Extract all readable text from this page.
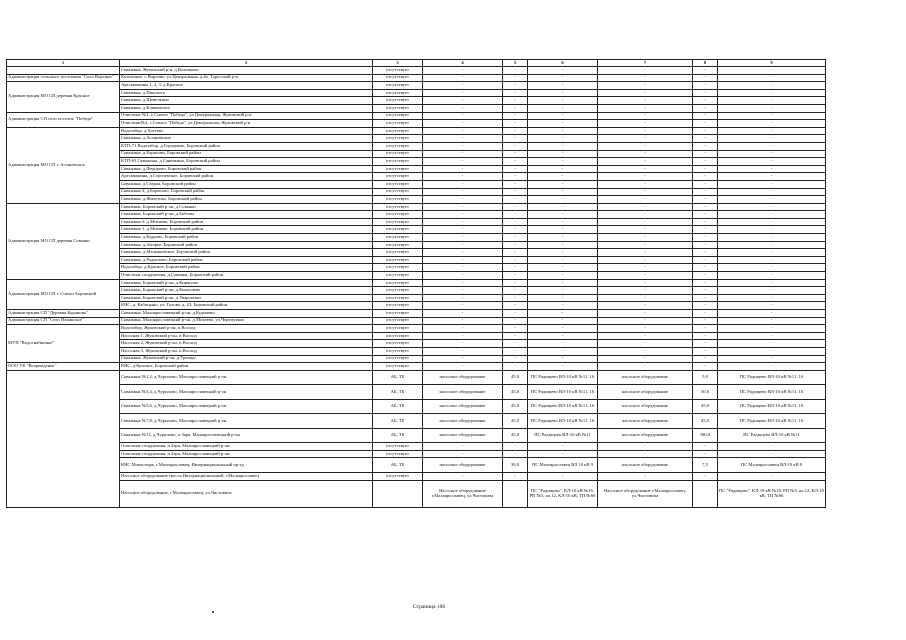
1	2	3	4	5	6	7	8	9
	Скважина, Жуковский р-н, д.Величково	отсутствует	-	-	-	-	-	-
Администрация сельского поселения "Село Ворсино"	Котельные, с.Ворсино, ул.Центральная, д.4а, Тарусский р-н	отсутствует	-	-	-	-	-	-
Администрация МО СП деревня Красное	Артскважины 1, 2, 3, д.Красное	отсутствует	-	-	-	-	-	-
	Скважина, д.Пинского	отсутствует	-	-	-	-	-	-
	Скважина, д.Шевелкино	отсутствует	-	-	-	-	-	-
	Скважина, д.Климовское	отсутствует	-	-	-	-	-	-
Администрация СП село поселок "Победа"	Очистные №1, с.Совхоз "Победа", ул.Центральная, Жуковский р-н	отсутствует	-	-	-	-	-	-
	Очистные№2, с.Совхоз "Победа", ул.Центральная, Жуковский р-н	отсутствует	-	-	-	-	-	-
Администрация МО СП г. Асеньевское	Водозабор, д.Хотеево	отсутствует	-	-	-	-	-	-
	Скважина, д.Асеньевское	отсутствует	-	-	-	-	-	-
	КТП-71 Водозабор, д.Городнево, Боровский район	отсутствует	-	-	-	-	-	-
	Скважина, д.Борисово, Боровский район	отсутствует	-	-	-	-	-	-
	КТП-63 Скважина, д.Савочкино, Боровский район	отсутствует	-	-	-	-	-	-
	Скважина, д.Федорово, Боровский район	отсутствует	-	-	-	-	-	-
	Артскважина, д.Сергиевское, Боровский район	отсутствует	-	-	-	-	-	-
	Скважина, д.Старая, Боровский район	отсутствует	-	-	-	-	-	-
	Скважина-2, д.Борисово, Боровский район	отсутствует	-	-	-	-	-	-
	Скважина, д.Жилетово, Боровский район	отсутствует	-	-	-	-	-	-
Администрация МО СП деревня Совьяки	Скважина, Боровский р-он, д.Совьяки	отсутствует	-	-	-	-	-	-
	Скважина, Боровский р-он, д.Бобены	отсутствует	-	-	-	-	-	-
	Скважина-2, д.Митяево, Боровский район	отсутствует	-	-	-	-	-	-
	Скважина-1, д.Митяево, Боровский район	отсутствует	-	-	-	-	-	-
	Скважина, д.Кудрово, Боровский район	отсутствует	-	-	-	-	-	-
	Скважина, д.Загорье, Боровский район	отсутствует	-	-	-	-	-	-
	Скважина, д.Малышевское, Боровский район	отсутствует	-	-	-	-	-	-
	Скважина, д.Радышово, Боровский район	отсутствует	-	-	-	-	-	-
	Водозабор, д.Красное, Боровский район	отсутствует	-	-	-	-	-	-
	Очистные сооружения, д.Совьяки, Боровский район	отсутствует	-	-	-	-	-	-
Администрация МО СП г. Совхоз Боровский	Скважина, Боровский р-он, д.Кирясово	отсутствует	-	-	-	-	-	-
	Скважина, Боровский р-он, д.Коноплево	отсутствует	-	-	-	-	-	-
	Скважина, Боровский р-он, д.Уваровское	отсутствует	-	-	-	-	-	-
	КНС, д. Кабицыно, ул. Голова, д. 23, Боровский район	отсутствует	-	-	-	-	-	-
Администрация СП "Деревня Кудиново"	Скважина, Малоярославецкий р-он, д.Кудиново	отсутствует	-	-	-	-	-	-
Администрация СП "Село Ильинское"	Скважина, Малоярославецкий р-он, д.Михеево, ул.Черемушки	отсутствует	-	-	-	-	-	-
МУП "Водоснабжение"	Водозабор, Жуковский р-он, п.Восход	отсутствует	-	-	-	-	-	-
	Насосная 1, Жуковский р-он, п.Восход	отсутствует	-	-	-	-	-	-
	Насосная 2, Жуковский р-он, п.Восход	отсутствует	-	-	-	-	-	-
	Насосная 3, Жуковский р-он, п.Восход	отсутствует	-	-	-	-	-	-
	Скважина, Жуковский р-он, д.Троицы	отсутствует	-	-	-	-	-	-
ООО УК "Возрождение"	КНС, д.Красное, Боровский район	отсутствует	-	-	-	-	-	-
	Скважина №1,2, д.Чурилово, Малоярославецкий р-он	АБ, ТБ	насосное оборудование	45,0	ПС Радищево ВЛ-10 кВ №11, 16	насосное оборудование	5,0	ПС Радищево ВЛ-10 кВ №11, 16
	Скважина №3,4, д.Чурилово, Малоярославецкий р-он	АБ, ТБ	насосное оборудование	45,0	ПС Радищево ВЛ-10 кВ №11, 16	насосное оборудование	30,0	ПС Радищево ВЛ-10 кВ №11, 16
	Скважина №5,6, д.Чурилово, Малоярославецкий р-он	АБ, ТБ	насосное оборудование	45,0	ПС Радищево ВЛ-10 кВ №11, 16	насосное оборудование	45,0	ПС Радищево ВЛ-10 кВ №11, 16
	Скважина №7,8, д.Чурилово, Малоярославецкий р-он	АБ, ТБ	насосное оборудование	45,0	ПС Радищево ВЛ-10 кВ №11, 16	насосное оборудование	45,0	ПС Радищево ВЛ-10 кВ №11, 16
	Скважина №13, д.Чурилово, п.Заря, Малоярославецкий р-он	АБ, ТБ	насосное оборудование	45,0	ПС Радищево ВЛ-10 кВ №11	насосное оборудование	180,0	ПС Радищево ВЛ-10 кВ №11
	Очистные сооружения, п.Заря, Малоярославецкий р-он	отсутствует	-	-	-	-	-	-
	Очистные сооружения, п.Заря, Малоярославецкий р-он	отсутствует	-	-	-	-	-	-
	КНС Монастырь, г.Малоярославец, Интернациональный пр-зд	АБ, ТБ	насосное оборудование	30,0	ПС Малоярославец ВЛ 10 кВ 9	насосное оборудование	7,5	ПС Малоярославец ВЛ-10 кВ 9
	Насосное оборудование тресса Интернациональный, г.Малоярославец	отсутствует	-	-	-	-	-	-
	Насосное оборудование, г.Малоярославец, ул.Чистовича		Насосное оборудование г.Малоярославец, ул.Чистовича		ПС "Радищево", КЛ-10 кВ №16, РП №5, яч.12, КЛ-10 кВ, ТП №66	Насосное оборудование г.Малоярославец, ул.Чистовича		ПС "Радищево", КЛ-10 кВ №16, РП №5, яч.12, КЛ-10 кВ, ТП №66
Страница 106
